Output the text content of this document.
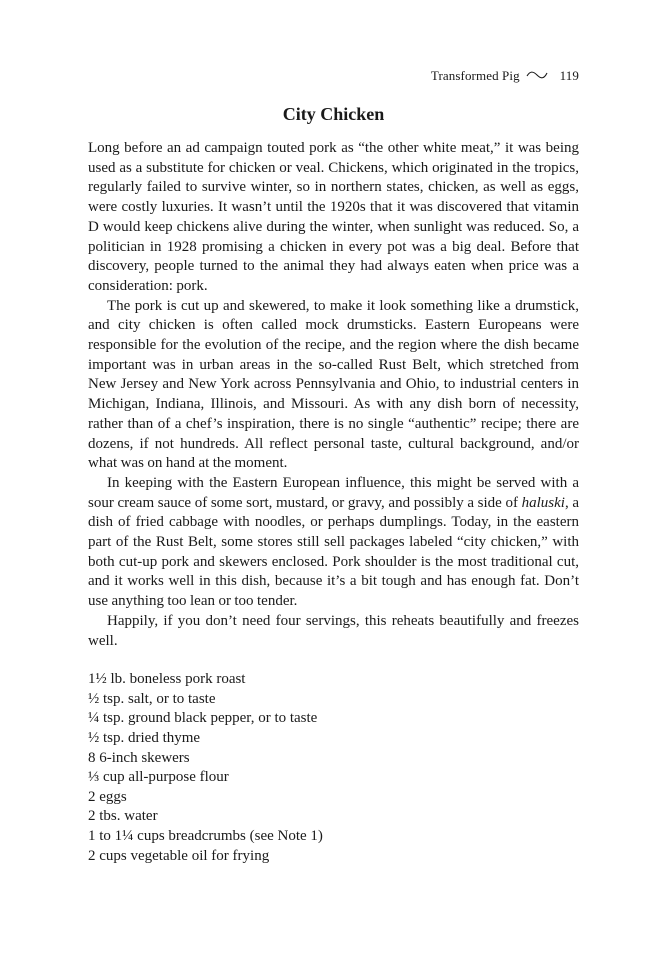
Transformed Pig	119
City Chicken

Long before an ad campaign touted pork as “the other white meat,” it was being used as a substitute for chicken or veal. Chickens, which originated in the tropics, regularly failed to survive winter, so in northern states, chicken, as well as eggs, were costly luxuries. It wasn’t until the 1920s that it was discovered that vitamin D would keep chickens alive during the winter, when sunlight was reduced. So, a politician in 1928 promising a chicken in every pot was a big deal. Before that discovery, people turned to the animal they had always eaten when price was a consideration: pork.

The pork is cut up and skewered, to make it look something like a drumstick, and city chicken is often called mock drumsticks. Eastern Europeans were responsible for the evolution of the recipe, and the region where the dish became important was in urban areas in the so-called Rust Belt, which stretched from New Jersey and New York across Pennsylvania and Ohio, to industrial centers in Michigan, Indiana, Illinois, and Missouri. As with any dish born of necessity, rather than of a chef’s inspiration, there is no single “authentic” recipe; there are dozens, if not hundreds. All reflect personal taste, cultural background, and/or what was on hand at the moment.

In keeping with the Eastern European influence, this might be served with a sour cream sauce of some sort, mustard, or gravy, and possibly a side of haluski, a dish of fried cabbage with noodles, or perhaps dumplings. Today, in the eastern part of the Rust Belt, some stores still sell packages labeled “city chicken,” with both cut-up pork and skewers enclosed. Pork shoulder is the most traditional cut, and it works well in this dish, because it’s a bit tough and has enough fat. Don’t use anything too lean or too tender.

Happily, if you don’t need four servings, this reheats beautifully and freezes well.

1½ lb. boneless pork roast
½ tsp. salt, or to taste
¼ tsp. ground black pepper, or to taste
½ tsp. dried thyme
8 6-inch skewers
⅓ cup all-purpose flour
2 eggs
2 tbs. water
1 to 1¼ cups breadcrumbs (see Note 1)
2 cups vegetable oil for frying
